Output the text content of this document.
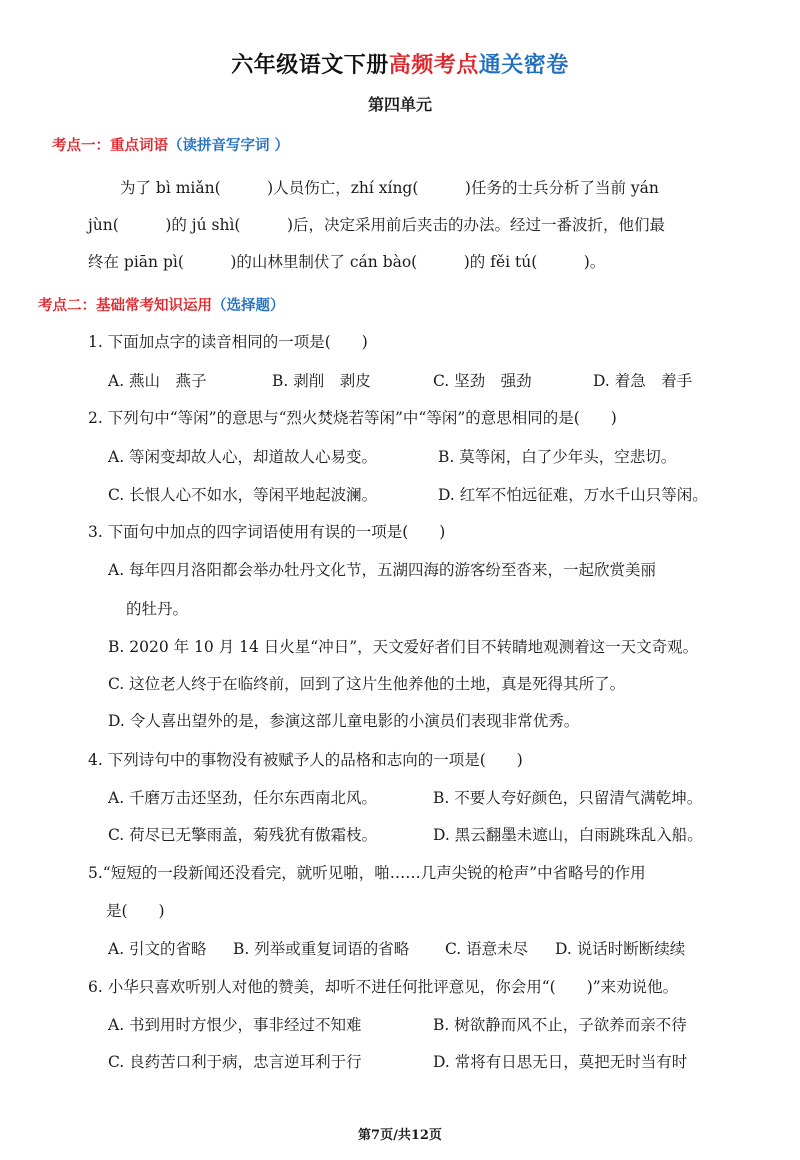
六年级语文下册高频考点通关密卷
第四单元
考点一：重点词语（读拼音写字词 ）
为了 bì miǎn(　　　)人员伤亡，zhí xíng(　　　)任务的士兵分析了当前 yán
jùn(　　　)的 jú shì(　　　)后，决定采用前后夹击的办法。经过一番波折，他们最
终在 piān pì(　　　)的山林里制伏了 cán bào(　　　)的 fěi tú(　　　)。
考点二：基础常考知识运用（选择题）
1. 下面加点字的读音相同的一项是(　　)
A. 燕山　燕子	B. 剥削　剥皮	C. 坚劲　强劲	D. 着急　着手
2. 下列句中“等闲”的意思与“烈火焚烧若等闲”中“等闲”的意思相同的是(　　)
A. 等闲变却故人心，却道故人心易变。	B. 莫等闲，白了少年头，空悲切。
C. 长恨人心不如水，等闲平地起波澜。	D. 红军不怕远征难，万水千山只等闲。
3. 下面句中加点的四字词语使用有误的一项是(　　)
A. 每年四月洛阳都会举办牡丹文化节，五湖四海的游客纷至沓来，一起欣赏美丽
的牡丹。
B. 2020 年 10 月 14 日火星“冲日”，天文爱好者们目不转睛地观测着这一天文奇观。
C. 这位老人终于在临终前，回到了这片生他养他的土地，真是死得其所了。
D. 令人喜出望外的是，参演这部儿童电影的小演员们表现非常优秀。
4. 下列诗句中的事物没有被赋予人的品格和志向的一项是(　　)
A. 千磨万击还坚劲，任尔东西南北风。	B. 不要人夸好颜色，只留清气满乾坤。
C. 荷尽已无擎雨盖，菊残犹有傲霜枝。	D. 黑云翻墨未遮山，白雨跳珠乱入船。
5.“短短的一段新闻还没看完，就听见啪，啪……几声尖锐的枪声”中省略号的作用
是(　　)
A. 引文的省略 B. 列举或重复词语的省略 C. 语意未尽 D. 说话时断断续续
6. 小华只喜欢听别人对他的赞美，却听不进任何批评意见，你会用“(　　)”来劝说他。
A. 书到用时方恨少，事非经过不知难	B. 树欲静而风不止，子欲养而亲不待
C. 良药苦口利于病，忠言逆耳利于行	D. 常将有日思无日，莫把无时当有时
第7页/共12页
